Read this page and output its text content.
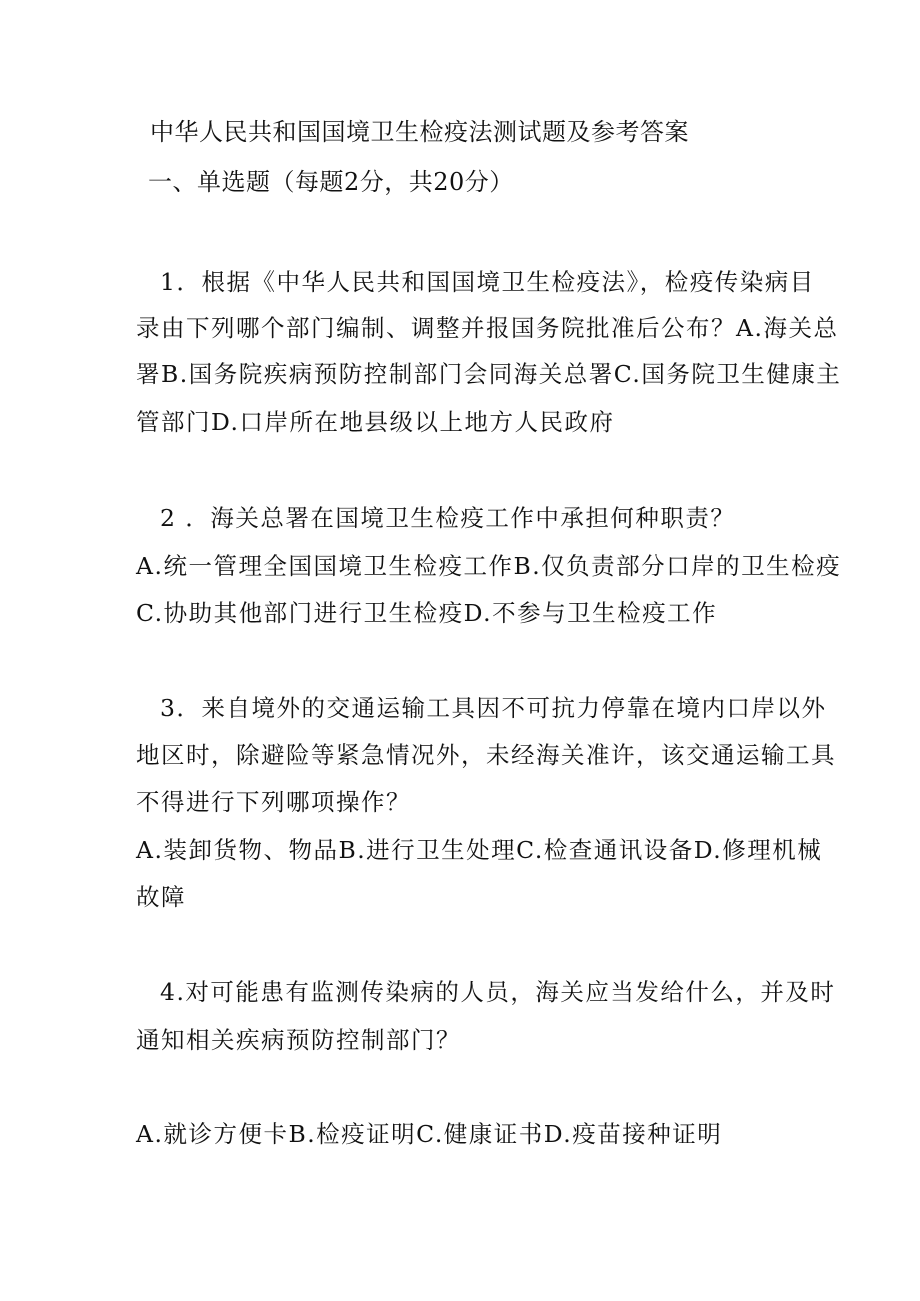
中华人民共和国国境卫生检疫法测试题及参考答案
一、单选题（每题2分，共20分）
1．根据《中华人民共和国国境卫生检疫法》，检疫传染病目
录由下列哪个部门编制、调整并报国务院批准后公布？A.海关总
署B.国务院疾病预防控制部门会同海关总署C.国务院卫生健康主
管部门D.口岸所在地县级以上地方人民政府
2 ．海关总署在国境卫生检疫工作中承担何种职责？
A.统一管理全国国境卫生检疫工作B.仅负责部分口岸的卫生检疫
C.协助其他部门进行卫生检疫D.不参与卫生检疫工作
3．来自境外的交通运输工具因不可抗力停靠在境内口岸以外
地区时，除避险等紧急情况外，未经海关准许，该交通运输工具
不得进行下列哪项操作？
A.装卸货物、物品B.进行卫生处理C.检查通讯设备D.修理机械
故障
4.对可能患有监测传染病的人员，海关应当发给什么，并及时
通知相关疾病预防控制部门？
A.就诊方便卡B.检疫证明C.健康证书D.疫苗接种证明
